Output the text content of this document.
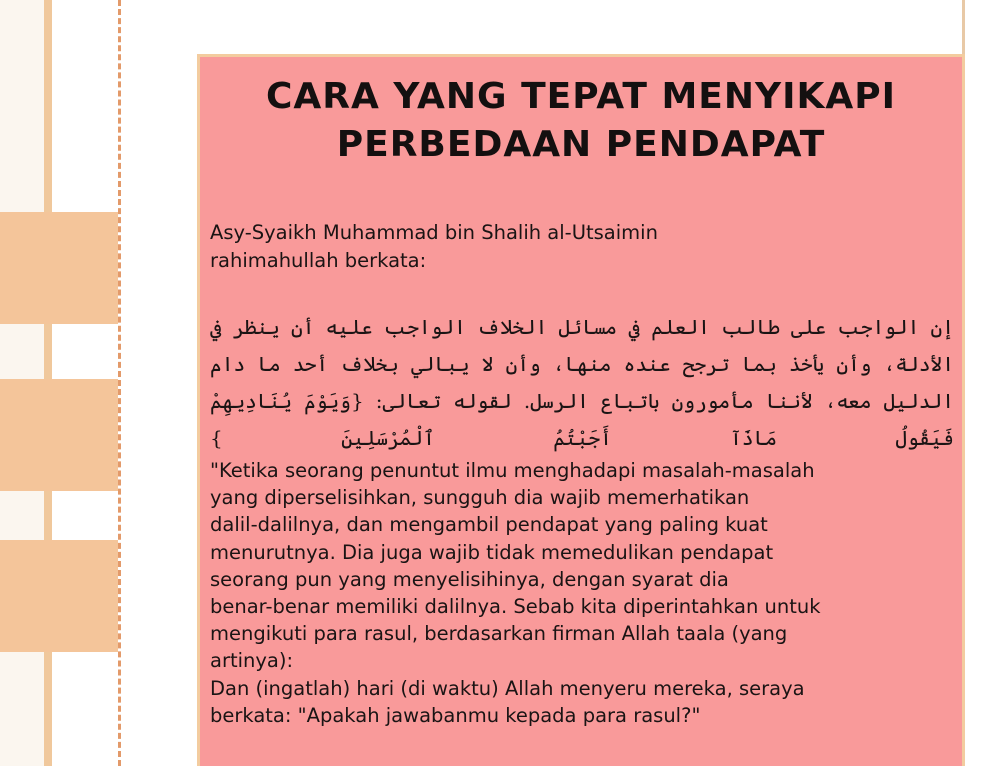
CARA YANG TEPAT MENYIKAPI
PERBEDAAN PENDAPAT
Asy-Syaikh Muhammad bin Shalih al-Utsaimin
rahimahullah berkata:
إن الواجب على طالب العلم في مسائل الخلاف الواجب عليه أن ينظر في الأدلة، وأن يأخذ بما ترجح عنده منها، وأن لا يبالي بخلاف أحد ما دام الدليل معه، لأننا مأمورون باتباع الرسل. لقوله تعالى: {وَيَوْمَ يُنَادِيهِمْ فَيَقُولُ مَاذَآ أَجَبْتُمُ ٱلْمُرْسَلِينَ }
"Ketika seorang penuntut ilmu menghadapi masalah-masalah
yang diperselisihkan, sungguh dia wajib memerhatikan
dalil-dalilnya, dan mengambil pendapat yang paling kuat
menurutnya. Dia juga wajib tidak memedulikan pendapat
seorang pun yang menyelisihinya, dengan syarat dia
benar-benar memiliki dalilnya. Sebab kita diperintahkan untuk
mengikuti para rasul, berdasarkan firman Allah taala (yang
artinya):
Dan (ingatlah) hari (di waktu) Allah menyeru mereka, seraya
berkata: "Apakah jawabanmu kepada para rasul?"
